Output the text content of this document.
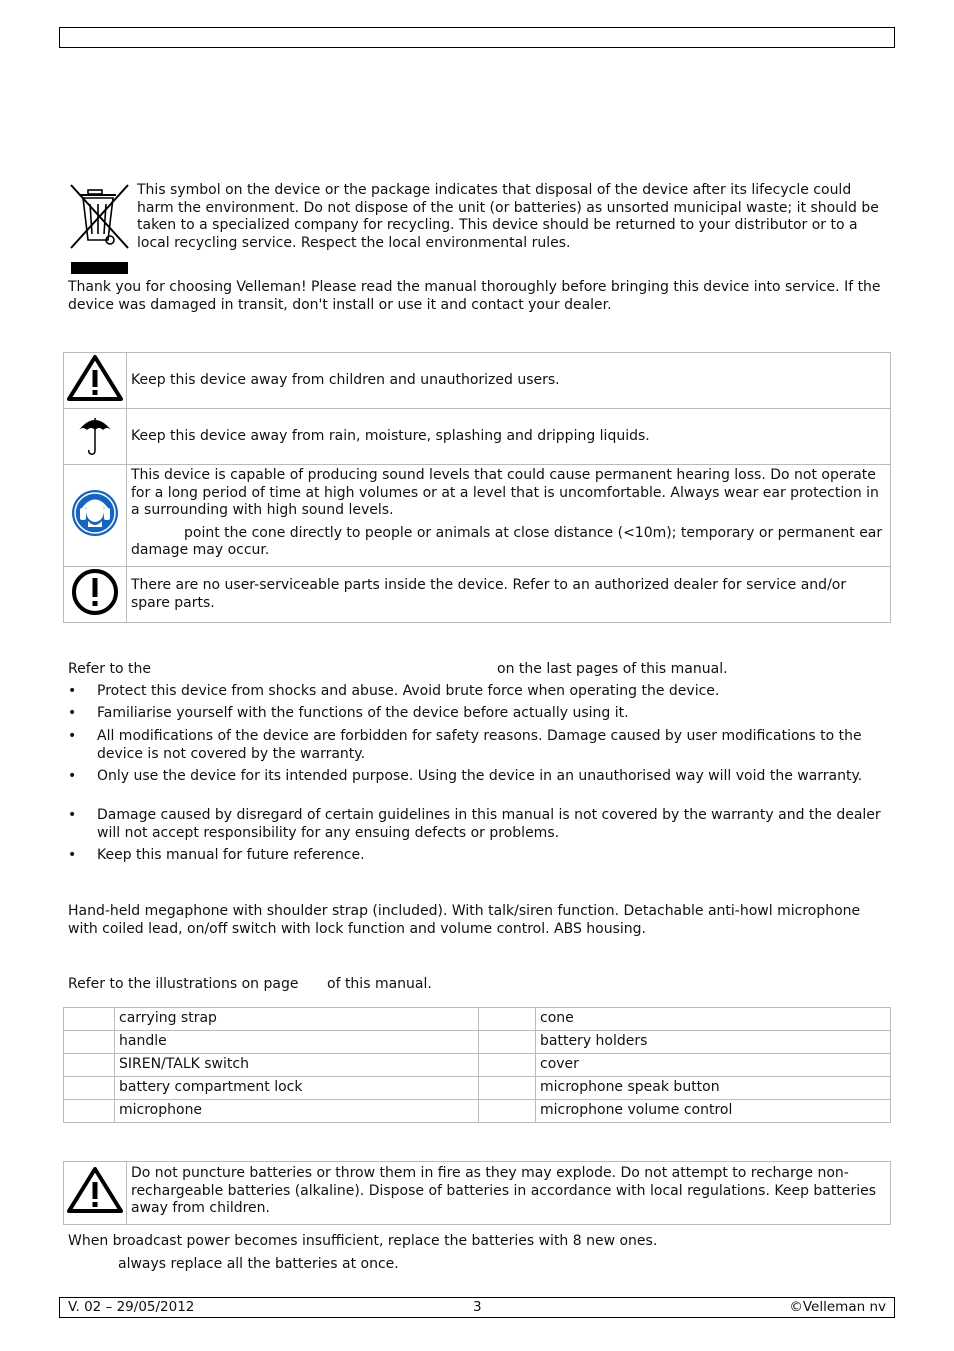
This symbol on the device or the package indicates that disposal of the device after its lifecycle could harm the environment. Do not dispose of the unit (or batteries) as unsorted municipal waste; it should be taken to a specialized company for recycling. This device should be returned to your distributor or to a local recycling service. Respect the local environmental rules.

Thank you for choosing Velleman! Please read the manual thoroughly before bringing this device into service. If the device was damaged in transit, don't install or use it and contact your dealer.

	Keep this device away from children and unauthorized users.
	Keep this device away from rain, moisture, splashing and dripping liquids.

This device is capable of producing sound levels that could cause permanent hearing loss. Do not operate for a long period of time at high volumes or at a level that is uncomfortable. Always wear ear protection in a surrounding with high sound levels.
point the cone directly to people or animals at close distance (<10m); temporary or permanent ear damage may occur.

	There are no user-serviceable parts inside the device. Refer to an authorized dealer for service and/or spare parts.
Refer to the	on the last pages of this manual.
• Protect this device from shocks and abuse. Avoid brute force when operating the device.
• Familiarise yourself with the functions of the device before actually using it.
• All modifications of the device are forbidden for safety reasons. Damage caused by user modifications to the device is not covered by the warranty.
• Only use the device for its intended purpose. Using the device in an unauthorised way will void the warranty.
• Damage caused by disregard of certain guidelines in this manual is not covered by the warranty and the dealer will not accept responsibility for any ensuing defects or problems.
• Keep this manual for future reference.

Hand-held megaphone with shoulder strap (included). With talk/siren function. Detachable anti-howl microphone with coiled lead, on/off switch with lock function and volume control. ABS housing.

Refer to the illustrations on page of this manual.
	carrying strap		cone
	handle		battery holders
	SIREN/TALK switch		cover
	battery compartment lock		microphone speak button
	microphone		microphone volume control
	Do not puncture batteries or throw them in fire as they may explode. Do not attempt to recharge non-rechargeable batteries (alkaline). Dispose of batteries in accordance with local regulations. Keep batteries away from children.

When broadcast power becomes insufficient, replace the batteries with 8 new ones.

always replace all the batteries at once.

V. 02 – 29/05/2012	3	©Velleman nv
